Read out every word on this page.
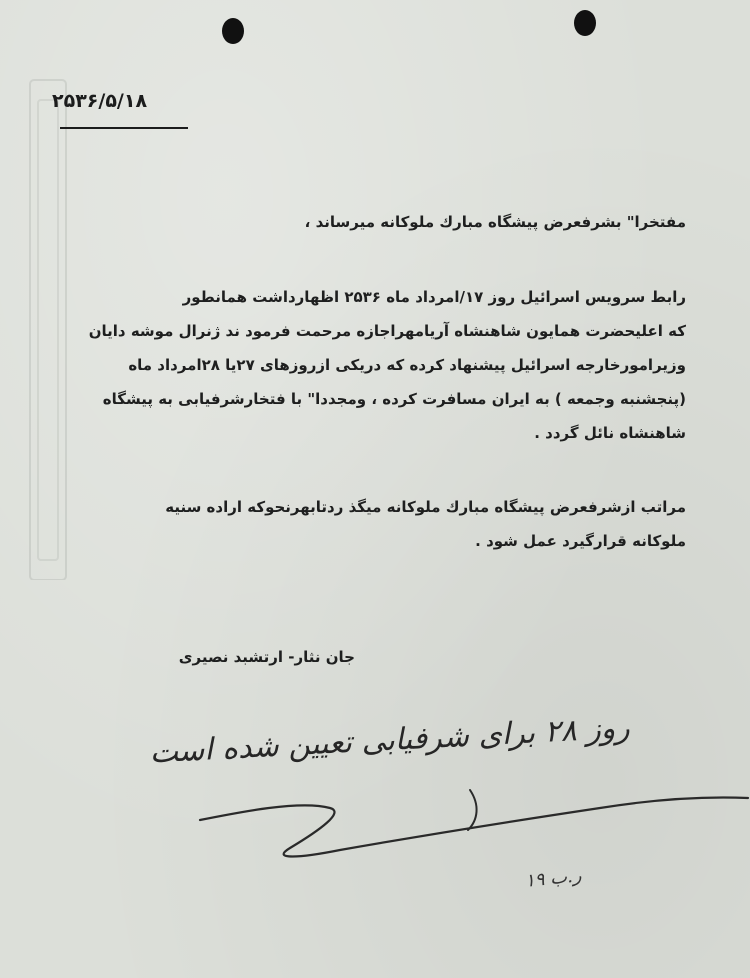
۲۵۳۶/۵/۱۸
مفتخرا" بشرفعرض پیشگاه مبارك ملوكانه میرساند ،
رابط سرویس اسرائیل روز ۱۷/امرداد ماه ۲۵۳۶ اظهارداشت همانطور
که اعلیحضرت همایون شاهنشاه آریامهراجازه مرحمت فرمود ند ژنرال موشه دایان
وزیرامورخارجه اسرائیل پیشنهاد کرده که دریکی ازروزهای ۲۷یا ۲۸امرداد ماه
(پنجشنبه وجمعه ) به ایران مسافرت کرده ، ومجددا" با فتخارشرفیابی به پیشگاه
شاهنشاه نائل گردد .
مراتب ازشرفعرض پیشگاه مبارك ملوكانه میگذ ردتابهرنحوكه اراده سنیه
ملوكانه قرارگیرد عمل شود .
جان نثار- ارتشبد نصیری
روز ۲۸ برای شرفیابی تعیین شده است
۱۹ ر.ب
